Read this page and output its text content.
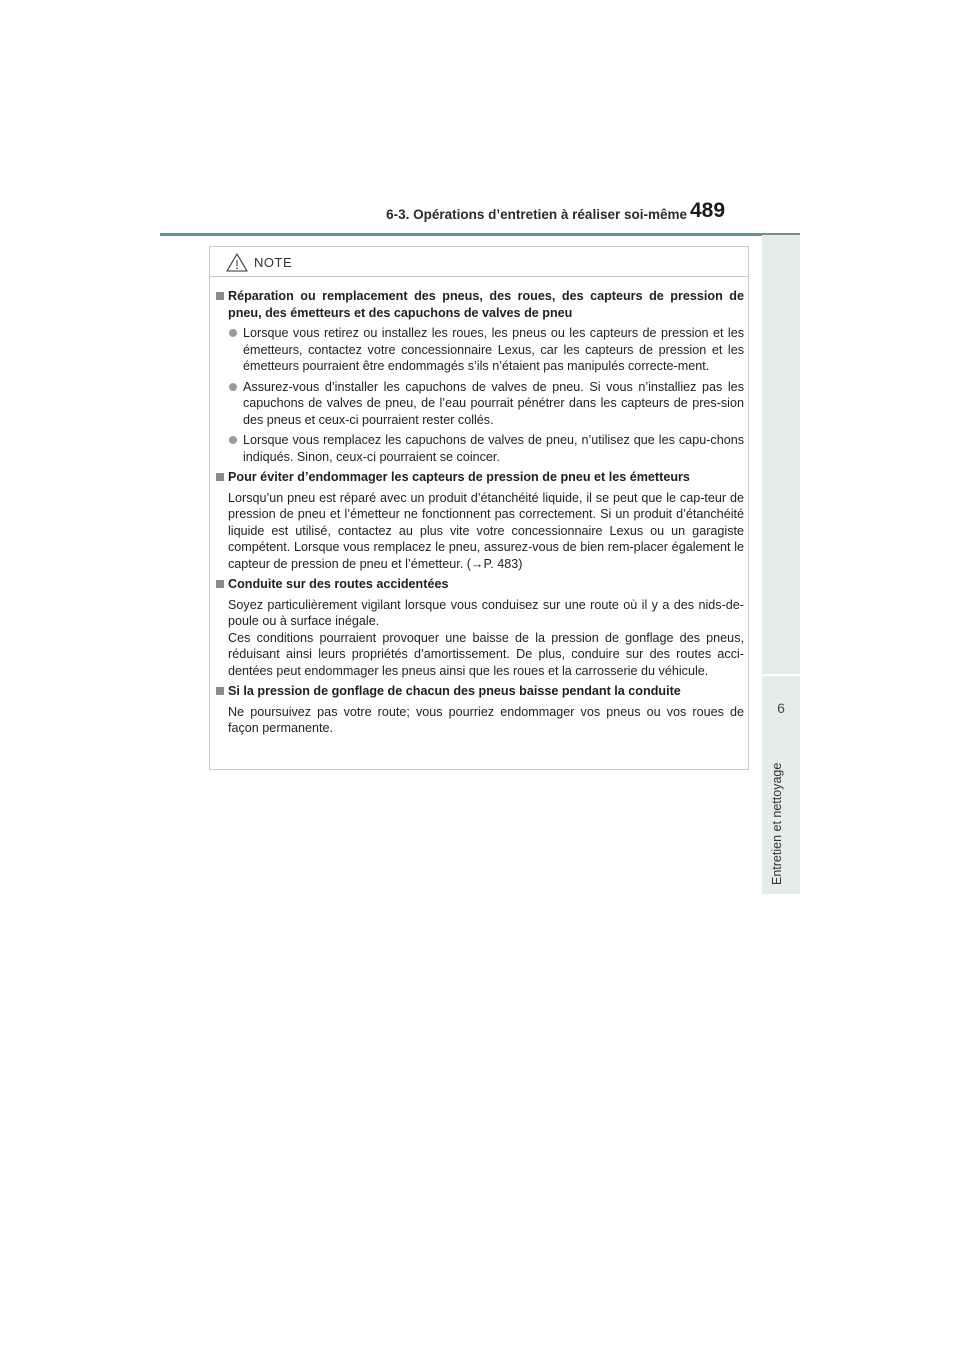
6-3. Opérations d’entretien à réaliser soi-même 489
6
Entretien et nettoyage
NOTE
Réparation ou remplacement des pneus, des roues, des capteurs de pression de pneu, des émetteurs et des capuchons de valves de pneu
Lorsque vous retirez ou installez les roues, les pneus ou les capteurs de pression et les émetteurs, contactez votre concessionnaire Lexus, car les capteurs de pression et les émetteurs pourraient être endommagés s’ils n’étaient pas manipulés correcte-ment.
Assurez-vous d’installer les capuchons de valves de pneu. Si vous n’installiez pas les capuchons de valves de pneu, de l’eau pourrait pénétrer dans les capteurs de pres-sion des pneus et ceux-ci pourraient rester collés.
Lorsque vous remplacez les capuchons de valves de pneu, n’utilisez que les capu-chons indiqués. Sinon, ceux-ci pourraient se coincer.
Pour éviter d’endommager les capteurs de pression de pneu et les émetteurs
Lorsqu’un pneu est réparé avec un produit d’étanchéité liquide, il se peut que le cap-teur de pression de pneu et l’émetteur ne fonctionnent pas correctement. Si un produit d’étanchéité liquide est utilisé, contactez au plus vite votre concessionnaire Lexus ou un garagiste compétent. Lorsque vous remplacez le pneu, assurez-vous de bien rem-placer également le capteur de pression de pneu et l’émetteur. (→P. 483)
Conduite sur des routes accidentées
Soyez particulièrement vigilant lorsque vous conduisez sur une route où il y a des nids-de-poule ou à surface inégale.
Ces conditions pourraient provoquer une baisse de la pression de gonflage des pneus, réduisant ainsi leurs propriétés d’amortissement. De plus, conduire sur des routes acci-dentées peut endommager les pneus ainsi que les roues et la carrosserie du véhicule.
Si la pression de gonflage de chacun des pneus baisse pendant la conduite
Ne poursuivez pas votre route; vous pourriez endommager vos pneus ou vos roues de façon permanente.
